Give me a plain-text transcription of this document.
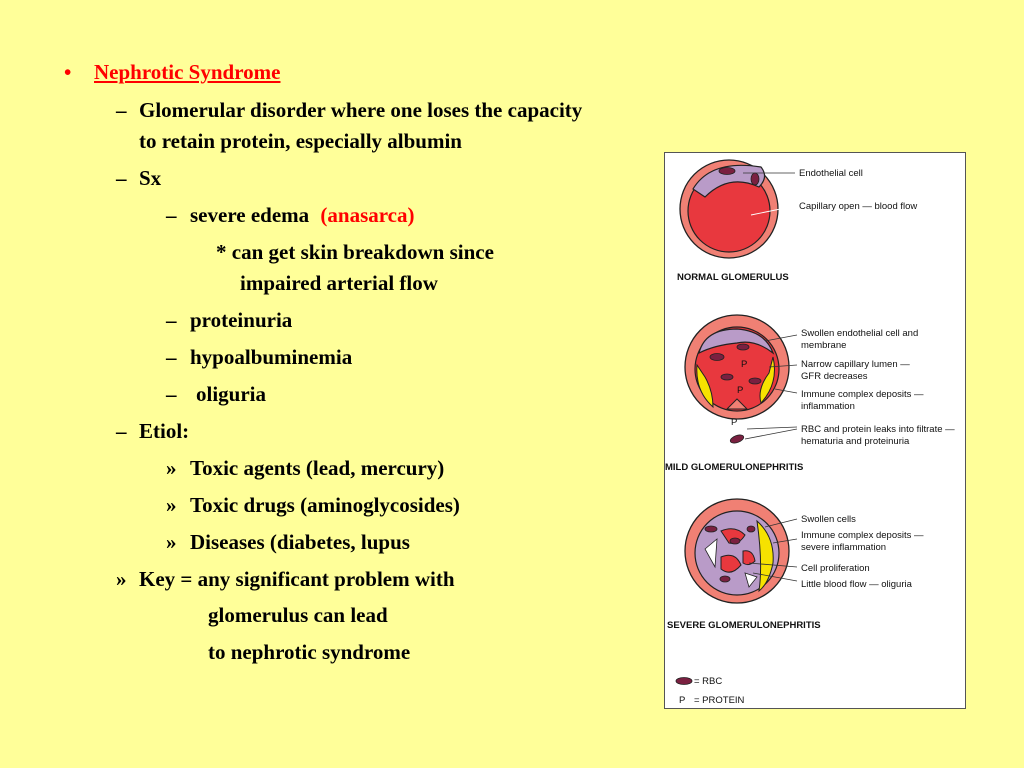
• Nephrotic Syndrome
– Glomerular disorder where one loses the capacity
to retain protein, especially albumin
– Sx
– severe edema (anasarca)
* can get skin breakdown since
impaired arterial flow
– proteinuria
– hypoalbuminemia
– oliguria
– Etiol:
» Toxic agents (lead, mercury)
» Toxic drugs (aminoglycosides)
» Diseases (diabetes, lupus
» Key = any significant problem with
glomerulus can lead
to nephrotic syndrome
Endothelial cell
Capillary open — blood flow
NORMAL GLOMERULUS
P
P
P
Swollen endothelial cell and
membrane
Narrow capillary lumen —
GFR decreases
Immune complex deposits —
inflammation
RBC and protein leaks into filtrate —
hematuria and proteinuria
MILD GLOMERULONEPHRITIS
Swollen cells
Immune complex deposits —
severe inflammation
Cell proliferation
Little blood flow — oliguria
SEVERE GLOMERULONEPHRITIS
= RBC
P = PROTEIN
